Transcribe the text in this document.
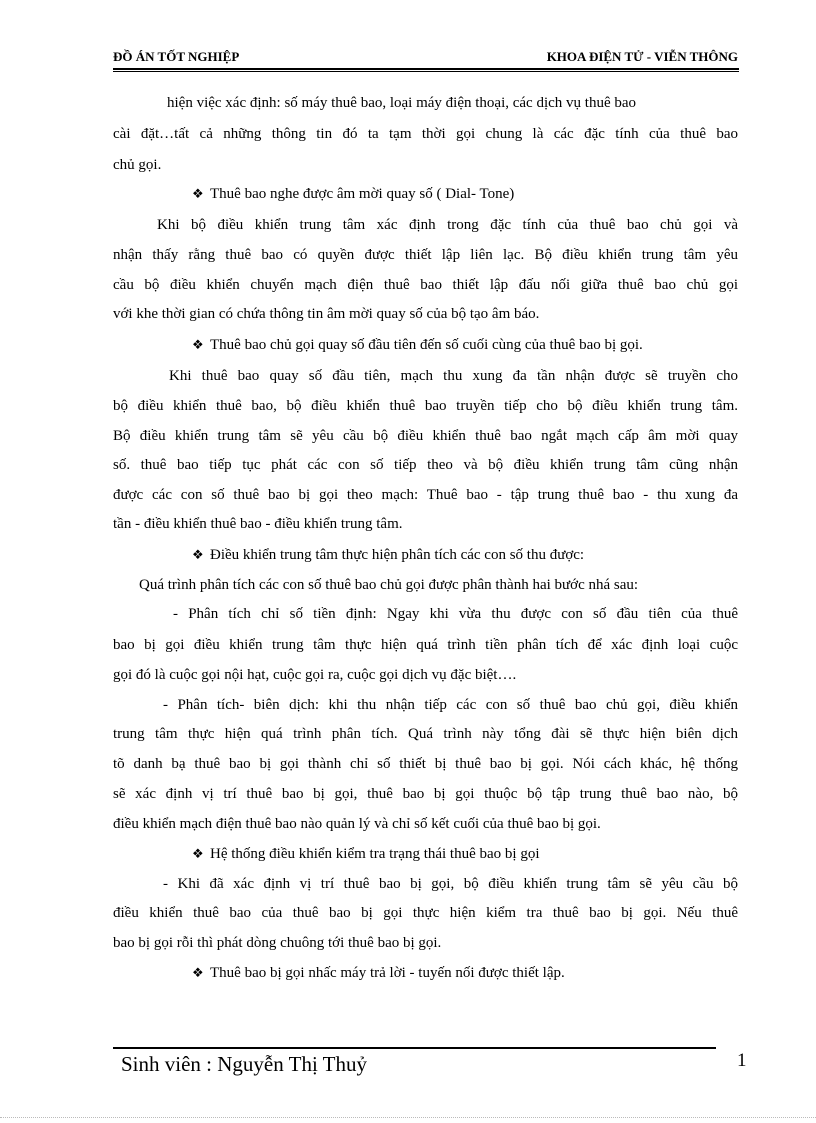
ĐỒ ÁN TỐT NGHIỆP	KHOA ĐIỆN TỬ - VIỄN THÔNG
hiện việc xác định: số máy thuê bao, loại máy điện thoại, các dịch vụ thuê bao
cài đặt…tất cả những thông tin đó ta tạm thời gọi chung là các đặc tính của thuê bao
chủ gọi.
❖ Thuê bao nghe được âm mời quay số ( Dial- Tone)
Khi bộ điều khiển trung tâm xác định trong đặc tính của thuê bao chủ gọi và
nhận thấy rằng thuê bao có quyền được thiết lập liên lạc. Bộ điều khiển trung tâm yêu
cầu bộ điều khiển chuyển mạch điện thuê bao thiết lập đấu nối giữa thuê bao chủ gọi
với khe thời gian có chứa thông tin âm mời quay số của bộ tạo âm báo.
❖ Thuê bao chủ gọi quay số đầu tiên đến số cuối cùng của thuê bao bị gọi.
Khi thuê bao quay số đầu tiên, mạch thu xung đa tần nhận được sẽ truyền cho
bộ điều khiển thuê bao, bộ điều khiển thuê bao truyền tiếp cho bộ điều khiển trung tâm.
Bộ điều khiển trung tâm sẽ yêu cầu bộ điều khiển thuê bao ngắt mạch cấp âm mời quay
số. thuê bao tiếp tục phát các con số tiếp theo và bộ điều khiển trung tâm cũng nhận
được các con số thuê bao bị gọi theo mạch: Thuê bao - tập trung thuê bao - thu xung đa
tần - điều khiển thuê bao - điều khiển trung tâm.
❖ Điều khiển trung tâm thực hiện phân tích các con số thu được:
Quá trình phân tích các con số thuê bao chủ gọi được phân thành hai bước nhá sau:
- Phân tích chỉ số tiền định: Ngay khi vừa thu được con số đầu tiên của thuê
bao bị gọi điều khiển trung tâm thực hiện quá trình tiền phân tích để xác định loại cuộc
gọi đó là cuộc gọi nội hạt, cuộc gọi ra, cuộc gọi dịch vụ đặc biệt….
- Phân tích- biên dịch: khi thu nhận tiếp các con số thuê bao chủ gọi, điều khiển
trung tâm thực hiện quá trình phân tích. Quá trình này tổng đài sẽ thực hiện biên dịch
tõ danh bạ thuê bao bị gọi thành chỉ số thiết bị thuê bao bị gọi. Nói cách khác, hệ thống
sẽ xác định vị trí thuê bao bị gọi, thuê bao bị gọi thuộc bộ tập trung thuê bao nào, bộ
điều khiển mạch điện thuê bao nào quản lý và chỉ số kết cuối của thuê bao bị gọi.
❖ Hệ thống điều khiển kiểm tra trạng thái thuê bao bị gọi
- Khi đã xác định vị trí thuê bao bị gọi, bộ điều khiển trung tâm sẽ yêu cầu bộ
điều khiển thuê bao của thuê bao bị gọi thực hiện kiểm tra thuê bao bị gọi. Nếu thuê
bao bị gọi rỗi thì phát dòng chuông tới thuê bao bị gọi.
❖ Thuê bao bị gọi nhấc máy trả lời - tuyến nối được thiết lập.
Sinh viên : Nguyễn Thị Thuỷ	1
